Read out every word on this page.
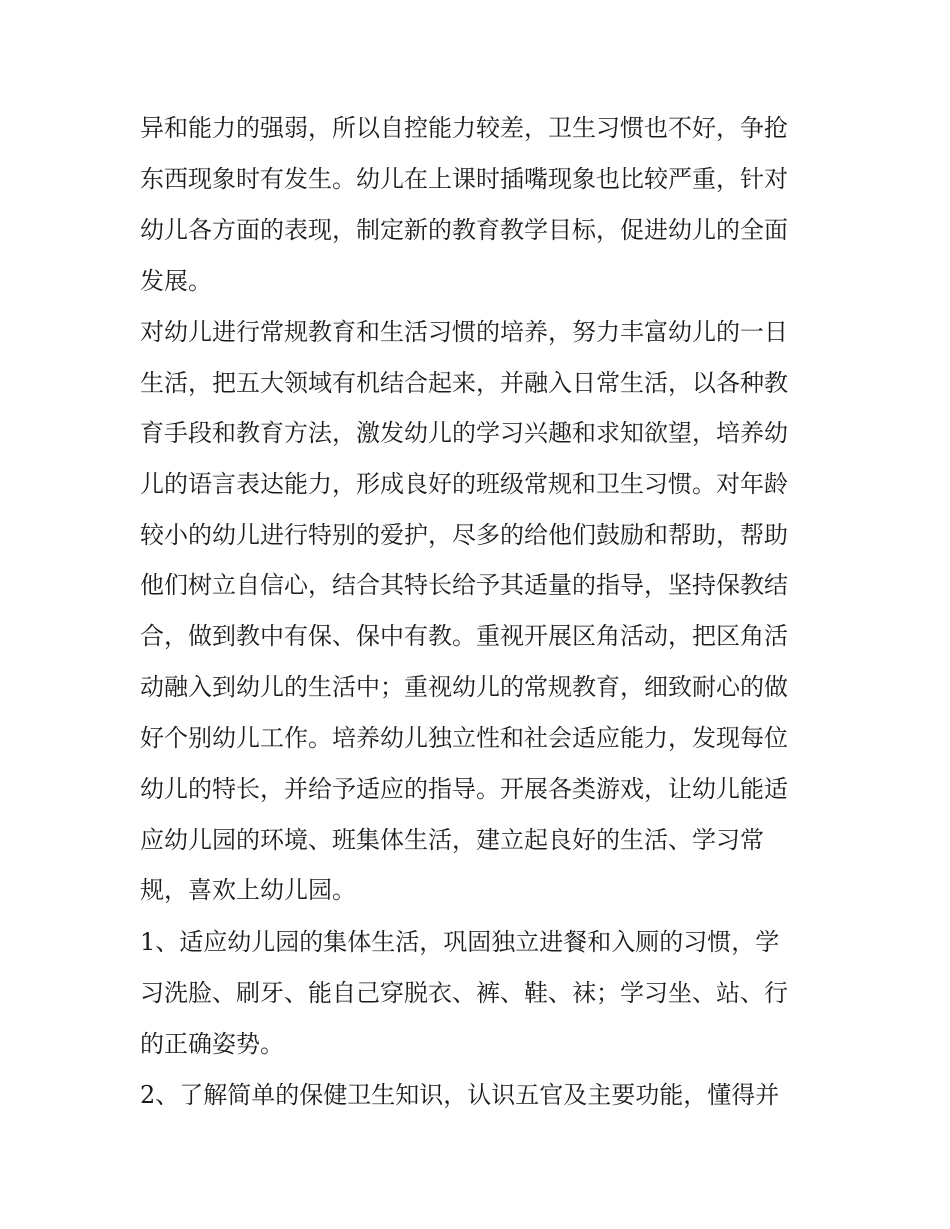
异和能力的强弱，所以自控能力较差，卫生习惯也不好，争抢
东西现象时有发生。幼儿在上课时插嘴现象也比较严重，针对
幼儿各方面的表现，制定新的教育教学目标，促进幼儿的全面
发展。
对幼儿进行常规教育和生活习惯的培养，努力丰富幼儿的一日
生活，把五大领域有机结合起来，并融入日常生活，以各种教
育手段和教育方法，激发幼儿的学习兴趣和求知欲望，培养幼
儿的语言表达能力，形成良好的班级常规和卫生习惯。对年龄
较小的幼儿进行特别的爱护，尽多的给他们鼓励和帮助，帮助
他们树立自信心，结合其特长给予其适量的指导，坚持保教结
合，做到教中有保、保中有教。重视开展区角活动，把区角活
动融入到幼儿的生活中；重视幼儿的常规教育，细致耐心的做
好个别幼儿工作。培养幼儿独立性和社会适应能力，发现每位
幼儿的特长，并给予适应的指导。开展各类游戏，让幼儿能适
应幼儿园的环境、班集体生活，建立起良好的生活、学习常
规，喜欢上幼儿园。
1、适应幼儿园的集体生活，巩固独立进餐和入厕的习惯，学
习洗脸、刷牙、能自己穿脱衣、裤、鞋、袜；学习坐、站、行
的正确姿势。
2、了解简单的保健卫生知识，认识五官及主要功能，懂得并
